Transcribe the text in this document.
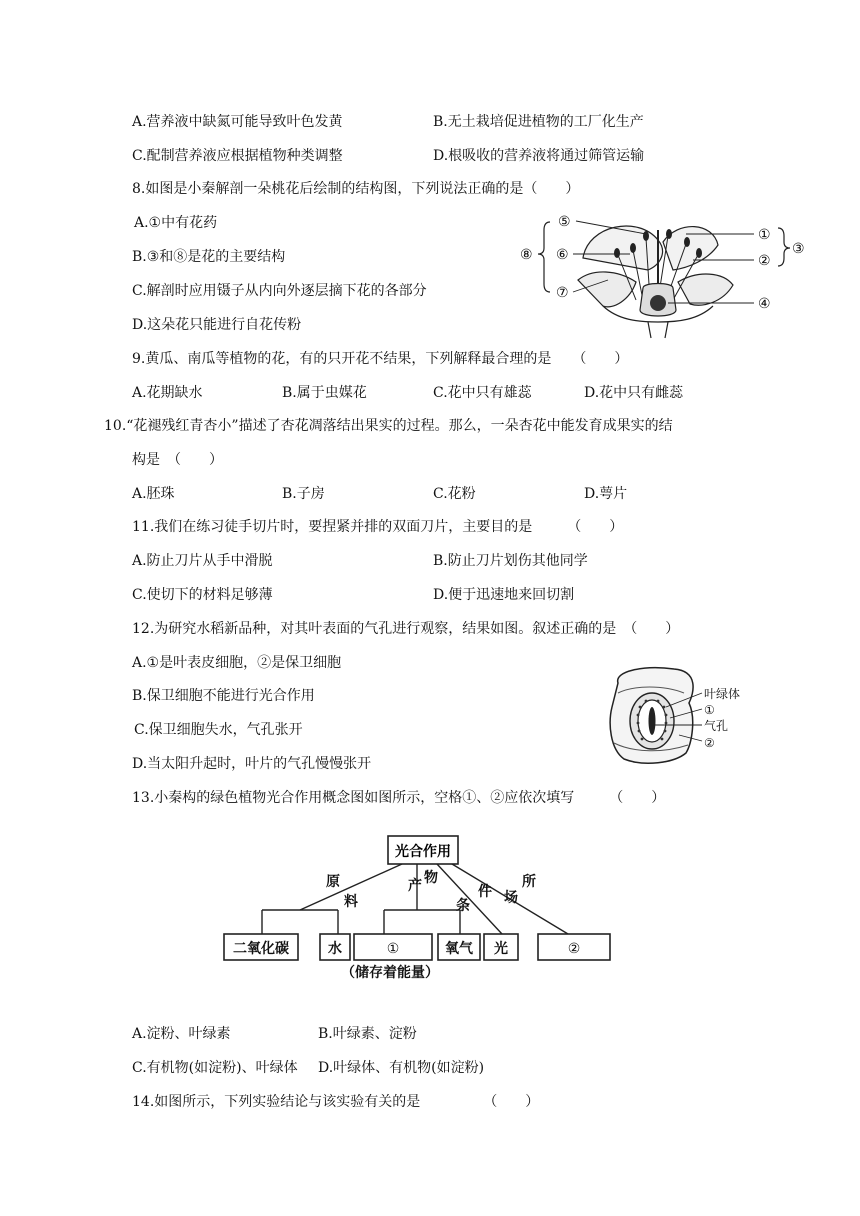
A.营养液中缺氮可能导致叶色发黄	B.无土栽培促进植物的工厂化生产
C.配制营养液应根据植物种类调整	D.根吸收的营养液将通过筛管运输
8.如图是小秦解剖一朵桃花后绘制的结构图，下列说法正确的是（　　）
A.①中有花药
B.③和⑧是花的主要结构
C.解剖时应用镊子从内向外逐层摘下花的各部分
D.这朵花只能进行自花传粉
⑤
⑥
⑦
⑧
①
②
③
④
9.黄瓜、南瓜等植物的花，有的只开花不结果，下列解释最合理的是　　（　　）
A.花期缺水	B.属于虫媒花	C.花中只有雄蕊	D.花中只有雌蕊
10.“花褪残红青杏小”描述了杏花凋落结出果实的过程。那么，一朵杏花中能发育成果实的结
构是　（　　）
A.胚珠	B.子房	C.花粉	D.萼片
11.我们在练习徒手切片时，要捏紧并排的双面刀片，主要目的是　　　（　　）
A.防止刀片从手中滑脱	B.防止刀片划伤其他同学
C.使切下的材料足够薄	D.便于迅速地来回切割
12.为研究水稻新品种，对其叶表面的气孔进行观察，结果如图。叙述正确的是　（　　）
A.①是叶表皮细胞，②是保卫细胞
B.保卫细胞不能进行光合作用
C.保卫细胞失水，气孔张开
D.当太阳升起时，叶片的气孔慢慢张开
叶绿体
①
气孔
②
13.小秦构的绿色植物光合作用概念图如图所示，空格①、②应依次填写　　　（　　）
光合作用
原
料
产 物
条
件 场
所
二氧化碳	水	①	氧气 光	②
（储存着能量）
A.淀粉、叶绿素	B.叶绿素、淀粉
C.有机物(如淀粉)、叶绿体 D.叶绿体、有机物(如淀粉)
14.如图所示，下列实验结论与该实验有关的是　　　　　（　　）
